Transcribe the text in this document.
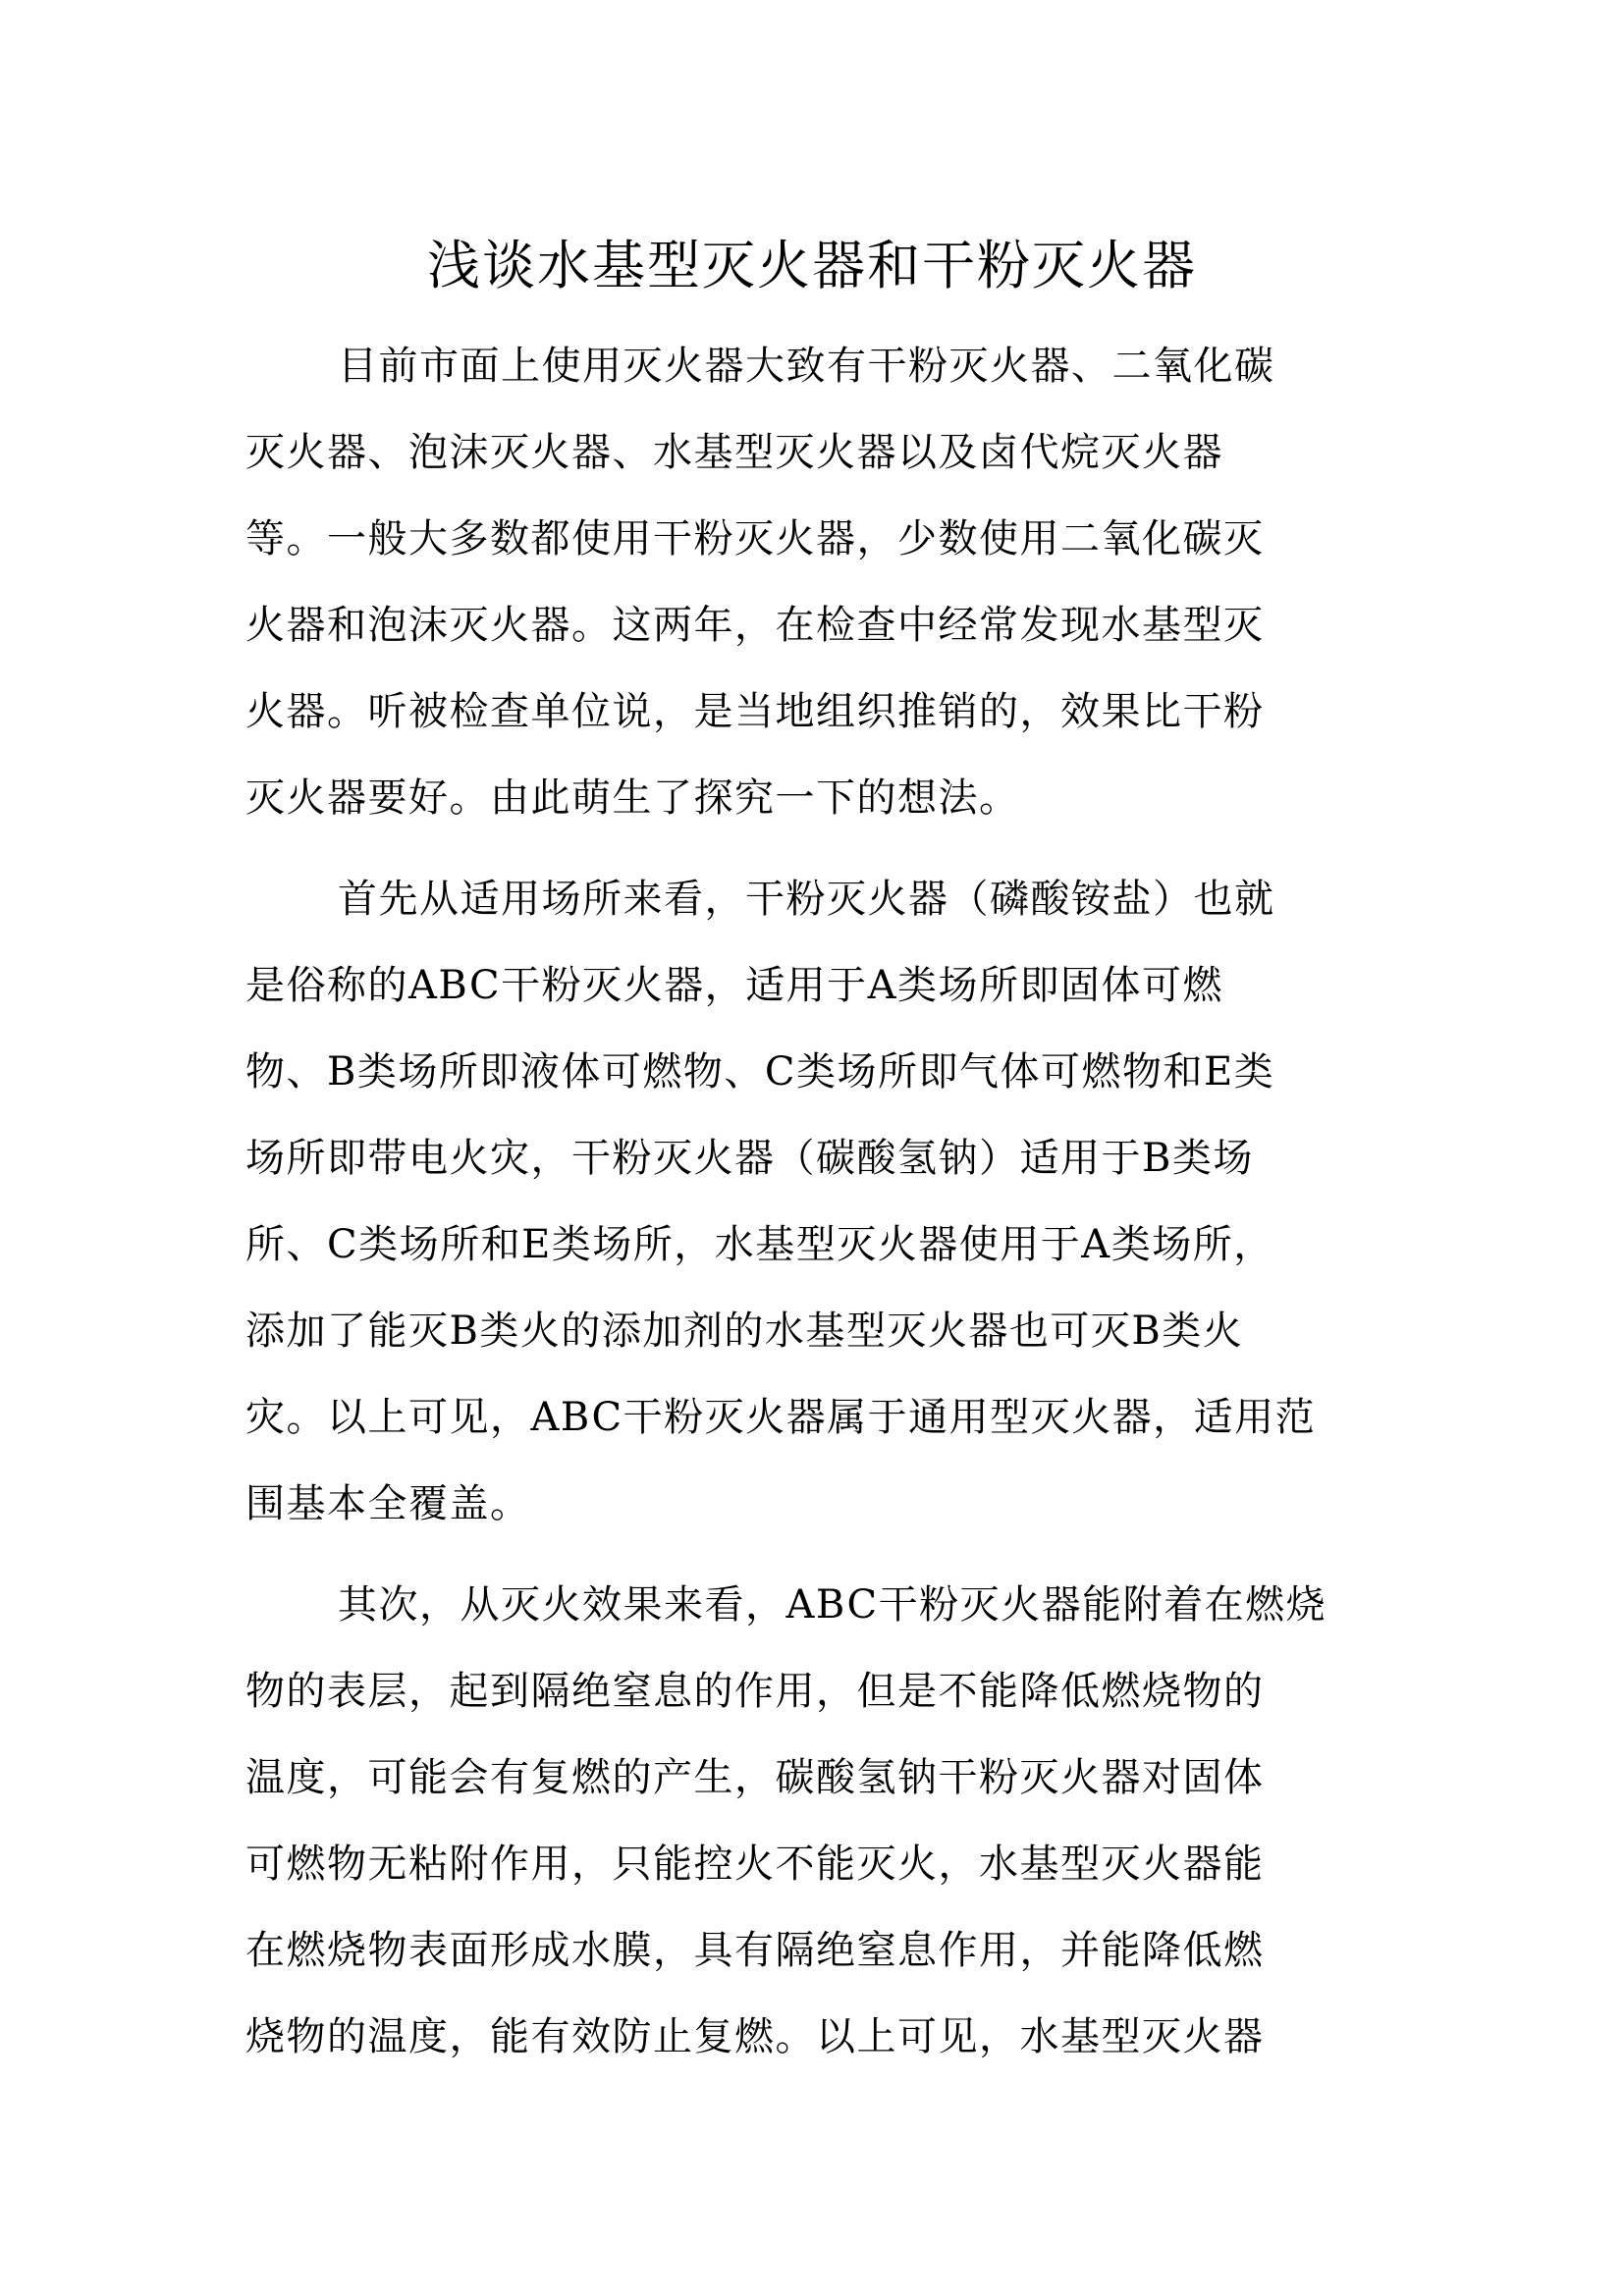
浅谈水基型灭火器和干粉灭火器
目前市面上使用灭火器大致有干粉灭火器、二氧化碳
灭火器、泡沫灭火器、水基型灭火器以及卤代烷灭火器
等。一般大多数都使用干粉灭火器，少数使用二氧化碳灭
火器和泡沫灭火器。这两年，在检查中经常发现水基型灭
火器。听被检查单位说，是当地组织推销的，效果比干粉
灭火器要好。由此萌生了探究一下的想法。
首先从适用场所来看，干粉灭火器（磷酸铵盐）也就
是俗称的ABC干粉灭火器，适用于A类场所即固体可燃
物、B类场所即液体可燃物、C类场所即气体可燃物和E类
场所即带电火灾，干粉灭火器（碳酸氢钠）适用于B类场
所、C类场所和E类场所，水基型灭火器使用于A类场所，
添加了能灭B类火的添加剂的水基型灭火器也可灭B类火
灾。以上可见，ABC干粉灭火器属于通用型灭火器，适用范
围基本全覆盖。
其次，从灭火效果来看，ABC干粉灭火器能附着在燃烧
物的表层，起到隔绝窒息的作用，但是不能降低燃烧物的
温度，可能会有复燃的产生，碳酸氢钠干粉灭火器对固体
可燃物无粘附作用，只能控火不能灭火，水基型灭火器能
在燃烧物表面形成水膜，具有隔绝窒息作用，并能降低燃
烧物的温度，能有效防止复燃。以上可见，水基型灭火器
